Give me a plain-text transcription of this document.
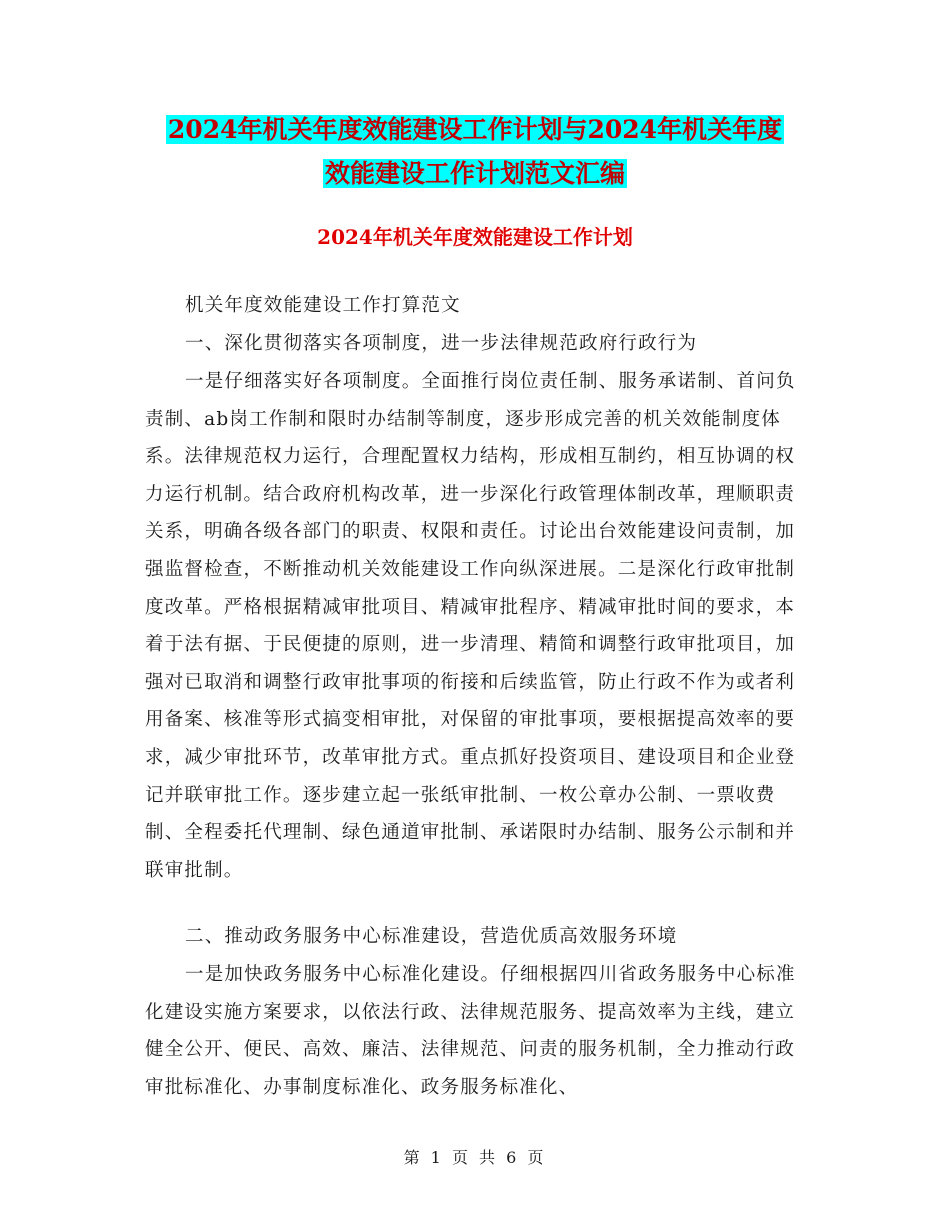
2024年机关年度效能建设工作计划与2024年机关年度
效能建设工作计划范文汇编
2024年机关年度效能建设工作计划

机关年度效能建设工作打算范文

一、深化贯彻落实各项制度，进一步法律规范政府行政行为

一是仔细落实好各项制度。全面推行岗位责任制、服务承诺制、首问负责制、ab岗工作制和限时办结制等制度，逐步形成完善的机关效能制度体系。法律规范权力运行，合理配置权力结构，形成相互制约，相互协调的权力运行机制。结合政府机构改革，进一步深化行政管理体制改革，理顺职责关系，明确各级各部门的职责、权限和责任。讨论出台效能建设问责制，加强监督检查，不断推动机关效能建设工作向纵深进展。二是深化行政审批制度改革。严格根据精减审批项目、精减审批程序、精减审批时间的要求，本着于法有据、于民便捷的原则，进一步清理、精简和调整行政审批项目，加强对已取消和调整行政审批事项的衔接和后续监管，防止行政不作为或者利用备案、核准等形式搞变相审批，对保留的审批事项，要根据提高效率的要求，减少审批环节，改革审批方式。重点抓好投资项目、建设项目和企业登记并联审批工作。逐步建立起一张纸审批制、一枚公章办公制、一票收费制、全程委托代理制、绿色通道审批制、承诺限时办结制、服务公示制和并联审批制。

二、推动政务服务中心标准建设，营造优质高效服务环境

一是加快政务服务中心标准化建设。仔细根据四川省政务服务中心标准化建设实施方案要求，以依法行政、法律规范服务、提高效率为主线，建立健全公开、便民、高效、廉洁、法律规范、问责的服务机制，全力推动行政审批标准化、办事制度标准化、政务服务标准化、

第 1 页 共 6 页
